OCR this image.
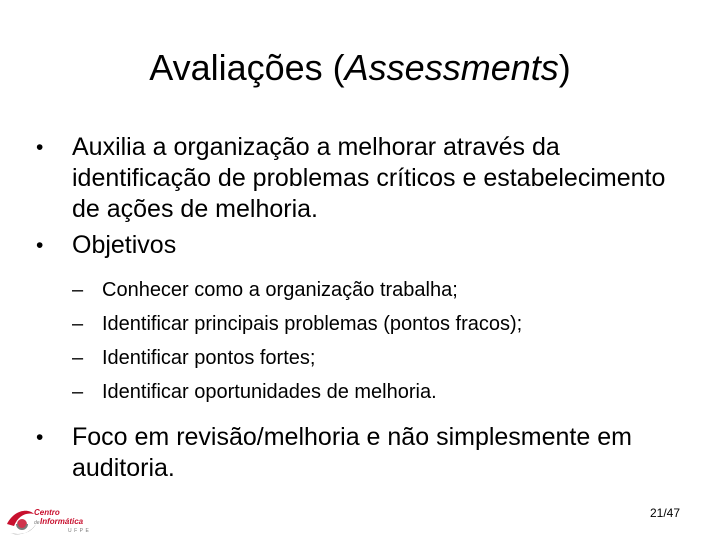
Avaliações (Assessments)
•	Auxilia a organização a melhorar através da identificação de problemas críticos e estabelecimento de ações de melhoria.
•	Objetivos
– Conhecer como a organização trabalha;
– Identificar principais problemas (pontos fracos);
– Identificar pontos fortes;
– Identificar oportunidades de melhoria.
•	Foco em revisão/melhoria e não simplesmente em auditoria.
21/47
Centro
de Informática
UFPE
